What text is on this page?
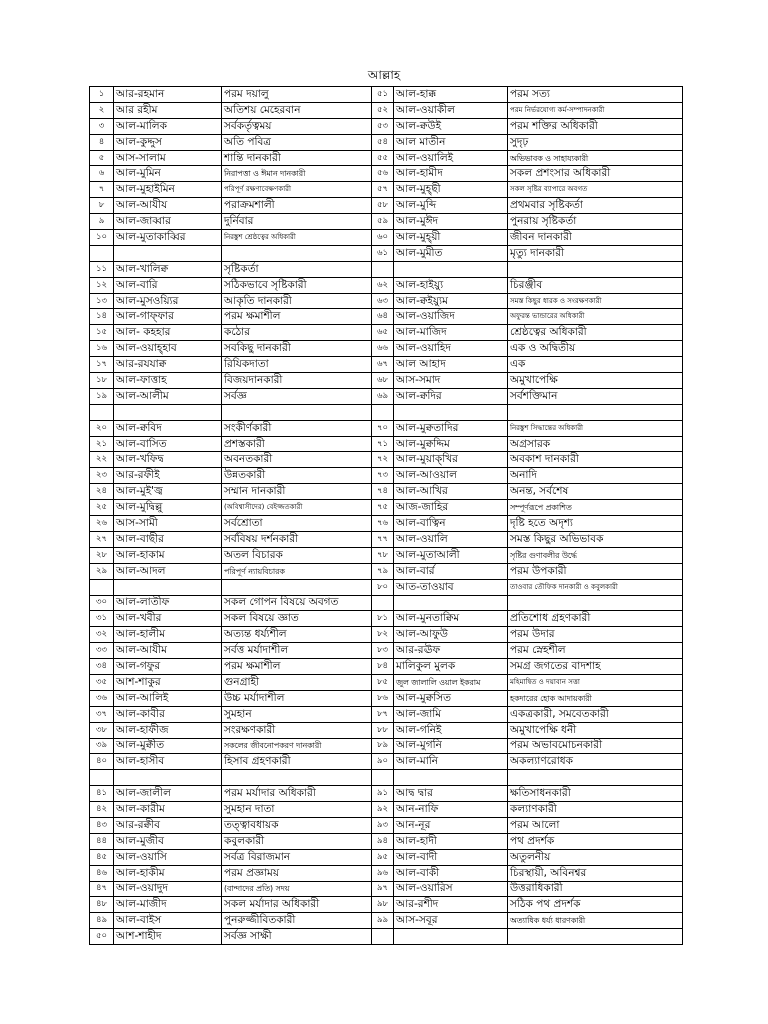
আল্লাহ
১	আর-রহমান	পরম দয়ালু	৫১	আল-হাক্ক	পরম সত্য
২	আর রহীম	অতিশয় মেহেরবান	৫২	আল-ওয়াকীল	পরম নির্ভরযোগ্য কর্ম-সম্পাদনকারী
৩	আল-মালিক	সর্বকর্তৃত্বময়	৫৩	আল-ক্বউই	পরম শক্তির অধিকারী
৪	আল-কুদ্দুস	অতি পবিত্র	৫৪	আল মাতীন	সুদৃঢ়
৫	আস-সালাম	শান্তি দানকারী	৫৫	আল-ওয়ালিই	অভিভাবক ও সাহায্যকারী
৬	আল-মুমিন	নিরাপত্তা ও ঈমান দানকারী	৫৬	আল-হামীদ	সকল প্রশংসার অধিকারী
৭	আল-মুহাইমিন	পরিপূর্ণ রক্ষণাবেক্ষণকারী	৫৭	আল-মুহ্‌ছী	সকল সৃষ্টির ব্যাপারে অবগত
৮	আল-আযীয	পরাক্রমশালী	৫৮	আল-মুব্দি	প্রথমবার সৃষ্টিকর্তা
৯	আল-জাব্বার	দুর্নিবার	৫৯	আল-মুঈদ	পুনরায় সৃষ্টিকর্তা
১০	আল-মুতাকাব্বির	নিরঙ্কুশ শ্রেষ্ঠত্বের অধিকারী	৬০	আল-মুহ্‌য়ী	জীবন দানকারী
			৬১	আল-মুমীত	মৃত্যু দানকারী
১১	আল-খালিক্ব	সৃষ্টিকর্তা			
১২	আল-বারি	সঠিকভাবে সৃষ্টিকারী	৬২	আল-হাইয়্যু	চিরঞ্জীব
১৩	আল-মুসওয়্যির	আকৃতি দানকারী	৬৩	আল-ক্বইয়্যুম	সমস্ত কিছুর ধারক ও সংরক্ষণকারী
১৪	আল-গাফ্ফার	পরম ক্ষমাশীল	৬৪	আল-ওয়াজিদ	অফুরন্ত ভান্ডারের অধিকারী
১৫	আল- কহহার	কঠোর	৬৫	আল-মাজিদ	শ্রেষ্ঠত্বের অধিকারী
১৬	আল-ওয়াহ্‌হাব	সবকিছু দানকারী	৬৬	আল-ওয়াহিদ	এক ও অদ্বিতীয়
১৭	আর-রযযাক্ব	রিযিকদাতা	৬৭	আল আহাদ	এক
১৮	আল-ফাত্তাহ	বিজয়দানকারী	৬৮	আস-সমাদ	অমুখাপেক্ষি
১৯	আল-আলীম	সর্বজ্ঞ	৬৯	আল-ক্বদির	সর্বশক্তিমান

২০	আল-ক্ববিদ	সংকীর্ণকারী	৭০	আল-মুক্বতাদির	নিরঙ্কুশ সিদ্ধান্তের অধিকারী
২১	আল-বাসিত	প্রশস্তকারী	৭১	আল-মুক্বদ্দিম	অগ্রসারক
২২	আল-খফিদ্ব	অবনতকারী	৭২	আল-মুয়াক্‌খির	অবকাশ দানকারী
২৩	আর-রফীই	উন্নতকারী	৭৩	আল-আওয়াল	অনাদি
২৪	আল-মুই'জ্ব	সম্মান দানকারী	৭৪	আল-আখির	অনন্ত, সর্বশেষ
২৫	আল-মুদ্বিল্লু	(অবিশ্বাসীদের) বেইজ্জতকারী	৭৫	আজ-জাহির	সম্পূর্ণরূপে প্রকাশিত
২৬	আস-সামী	সর্বশ্রোতা	৭৬	আল-বাত্বিন	দৃষ্টি হতে অদৃশ্য
২৭	আল-বাছীর	সর্ববিষয় দর্শনকারী	৭৭	আল-ওয়ালি	সমস্ত কিছুর অভিভাবক
২৮	আল-হাকাম	অতল বিচারক	৭৮	আল-মুতাআলী	সৃষ্টির গুণাবলীর উর্দ্ধে
২৯	আল-আদল	পরিপূর্ণ ন্যায়বিচারক	৭৯	আল-বার্র	পরম উপকারী
			৮০	আত-তাওয়াব	তাওবার তৌফিক দানকারী ও কবুলকারী
৩০	আল-লাতীফ	সকল গোপন বিষয়ে অবগত			
৩১	আল-খবীর	সকল বিষয়ে জ্ঞাত	৮১	আল-মুনতাক্বিম	প্রতিশোধ গ্রহণকারী
৩২	আল-হালীম	অত্যন্ত ধর্য্যশীল	৮২	আল-আফুউ	পরম উদার
৩৩	আল-আযীম	সর্বত্ত মর্যাদাশীল	৮৩	আর-রঊফ	পরম স্নেহশীল
৩৪	আল-গফুর	পরম ক্ষমাশীল	৮৪	মালিকুল মুলক	সমগ্র জগতের বাদশাহ
৩৫	আশ-শাকুর	গুনগ্রাহী	৮৫	জুল জালালি ওয়াল ইকরাম	মহিমান্বিত ও দয়াবান সত্তা
৩৬	আল-আলিই	উচ্চ মর্যাদাশীল	৮৬	আল-মুক্বসিত	হকদারের হোক আদায়কারী
৩৭	আল-কাবীর	সুমহান	৮৭	আল-জামি	একত্রকারী, সমবেতকারী
৩৮	আল-হাফীজ	সংরক্ষণকারী	৮৮	আল-গনিই	অমুখাপেক্ষি ধনী
৩৯	আল-মুক্বীত	সকলের জীবনোপকরণ দানকারী	৮৯	আল-মুগনি	পরম অভাবমোচনকারী
৪০	আল-হাসীব	হিসাব গ্রহণকারী	৯০	আল-মানি	অকল্যাণরোধক

৪১	আল-জালীল	পরম মর্যাদার অধিকারী	৯১	আদ্ব দ্বার	ক্ষতিসাধনকারী
৪২	আল-কারীম	সুমহান দাতা	৯২	আন-নাফি	কল্যাণকারী
৪৩	আর-রক্বীব	তত্ত্বাবধায়ক	৯৩	আন-নূর	পরম আলো
৪৪	আল-মুজীব	কবুলকারী	৯৪	আল-হাদী	পথ প্রদর্শক
৪৫	আল-ওয়াসি	সর্বত্র বিরাজমান	৯৫	আল-বাদী	অতুলনীয়
৪৬	আল-হাকীম	পরম প্রজ্ঞাময়	৯৬	আল-বাকী	চিরস্থায়ী, অবিনশ্বর
৪৭	আল-ওয়াদুদ	(বান্দাদের প্রতি) সদয়	৯৭	আল-ওয়ারিস	উত্তরাধিকারী
৪৮	আল-মাজীদ	সকল মর্যাদার অধিকারী	৯৮	আর-রশীদ	সঠিক পথ প্রদর্শক
৪৯	আল-বাইস	পুনরুজ্জীবিতকারী	৯৯	আস-সবূর	অত্যাধিক ধর্য্য ধারণকারী
৫০	আশ-শাহীদ	সর্বজ্ঞ সাক্ষী			
